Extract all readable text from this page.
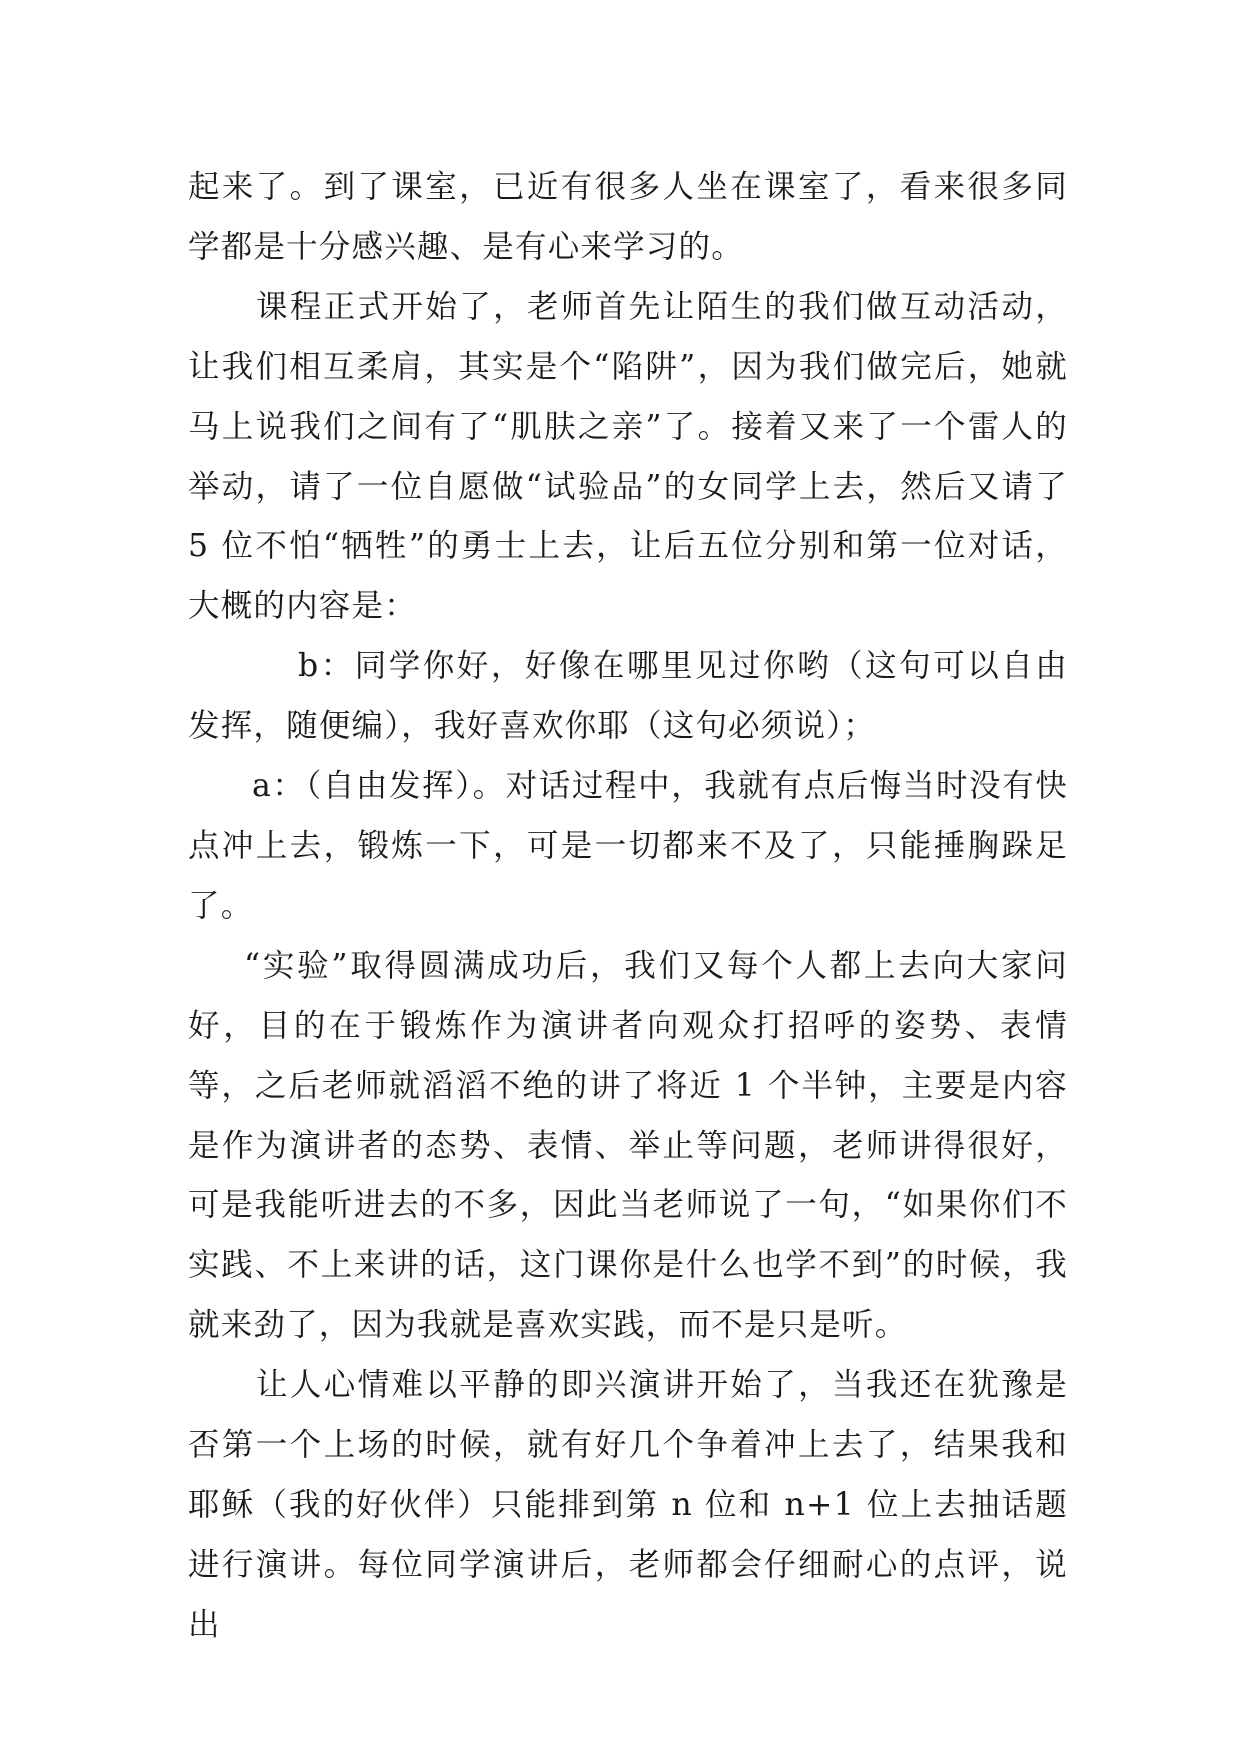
起来了。到了课室，已近有很多人坐在课室了，看来很多同学都是十分感兴趣、是有心来学习的。

课程正式开始了，老师首先让陌生的我们做互动活动，让我们相互柔肩，其实是个“陷阱”，因为我们做完后，她就马上说我们之间有了“肌肤之亲”了。接着又来了一个雷人的举动，请了一位自愿做“试验品”的女同学上去，然后又请了 5 位不怕“牺牲”的勇士上去，让后五位分别和第一位对话，大概的内容是：

b：同学你好，好像在哪里见过你哟（这句可以自由发挥，随便编），我好喜欢你耶（这句必须说）；

a：（自由发挥）。对话过程中，我就有点后悔当时没有快点冲上去，锻炼一下，可是一切都来不及了，只能捶胸跺足了。

“实验”取得圆满成功后，我们又每个人都上去向大家问好，目的在于锻炼作为演讲者向观众打招呼的姿势、表情等，之后老师就滔滔不绝的讲了将近 1 个半钟，主要是内容是作为演讲者的态势、表情、举止等问题，老师讲得很好，可是我能听进去的不多，因此当老师说了一句，“如果你们不实践、不上来讲的话，这门课你是什么也学不到”的时候，我就来劲了，因为我就是喜欢实践，而不是只是听。

让人心情难以平静的即兴演讲开始了，当我还在犹豫是否第一个上场的时候，就有好几个争着冲上去了，结果我和耶稣（我的好伙伴）只能排到第 n 位和 n+1 位上去抽话题进行演讲。每位同学演讲后，老师都会仔细耐心的点评，说出
